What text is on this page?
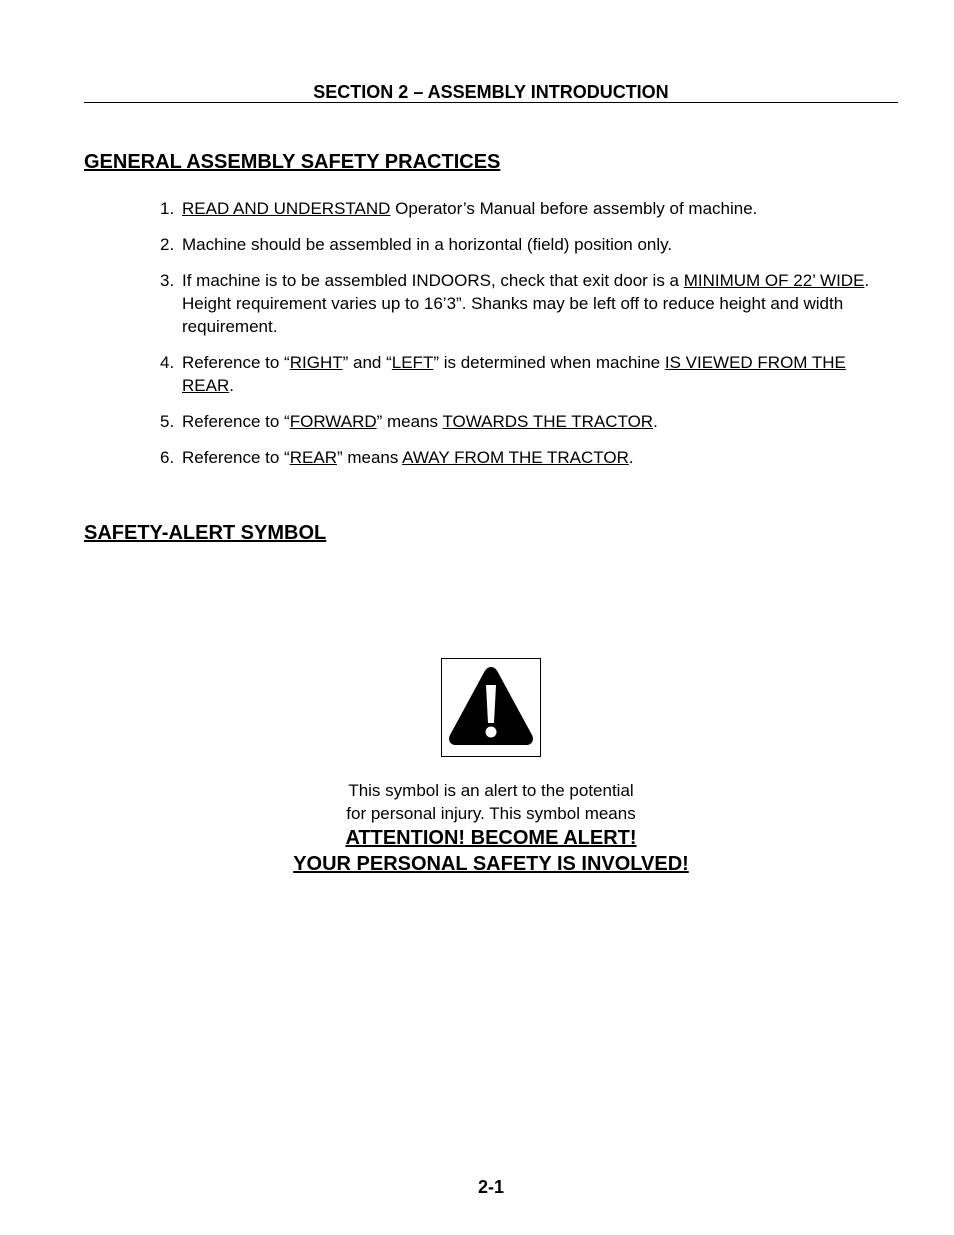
SECTION 2 – ASSEMBLY INTRODUCTION
GENERAL ASSEMBLY SAFETY PRACTICES
1. READ AND UNDERSTAND Operator’s Manual before assembly of machine.
2. Machine should be assembled in a horizontal (field) position only.
3. If machine is to be assembled INDOORS, check that exit door is a MINIMUM OF 22’ WIDE. Height requirement varies up to 16’3”. Shanks may be left off to reduce height and width requirement.
4. Reference to “RIGHT” and “LEFT” is determined when machine IS VIEWED FROM THE REAR.
5. Reference to “FORWARD” means TOWARDS THE TRACTOR.
6. Reference to “REAR” means AWAY FROM THE TRACTOR.
SAFETY-ALERT SYMBOL
This symbol is an alert to the potential
for personal injury. This symbol means
ATTENTION! BECOME ALERT!
YOUR PERSONAL SAFETY IS INVOLVED!
2-1
